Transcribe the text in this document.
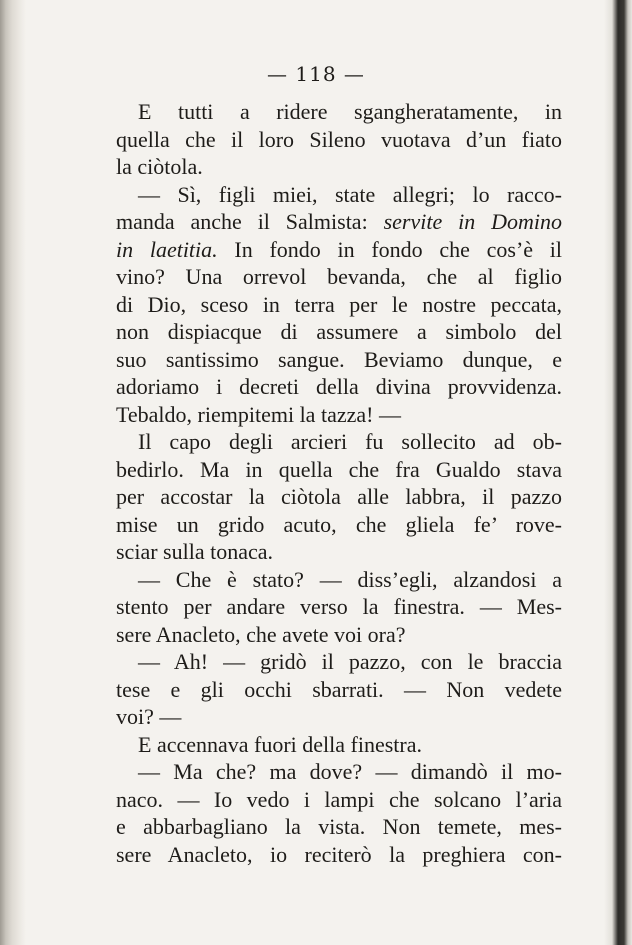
— 118 —
E tutti a ridere sgangheratamente, in
quella che il loro Sileno vuotava d’un fiato
la ciòtola.
— Sì, figli miei, state allegri; lo racco-
manda anche il Salmista: servite in Domino
in laetitia. In fondo in fondo che cos’è il
vino? Una orrevol bevanda, che al figlio
di Dio, sceso in terra per le nostre peccata,
non dispiacque di assumere a simbolo del
suo santissimo sangue. Beviamo dunque, e
adoriamo i decreti della divina provvidenza.
Tebaldo, riempitemi la tazza! —
Il capo degli arcieri fu sollecito ad ob-
bedirlo. Ma in quella che fra Gualdo stava
per accostar la ciòtola alle labbra, il pazzo
mise un grido acuto, che gliela fe’ rove-
sciar sulla tonaca.
— Che è stato? — diss’egli, alzandosi a
stento per andare verso la finestra. — Mes-
sere Anacleto, che avete voi ora?
— Ah! — gridò il pazzo, con le braccia
tese e gli occhi sbarrati. — Non vedete
voi? —
E accennava fuori della finestra.
— Ma che? ma dove? — dimandò il mo-
naco. — Io vedo i lampi che solcano l’aria
e abbarbagliano la vista. Non temete, mes-
sere Anacleto, io reciterò la preghiera con-
